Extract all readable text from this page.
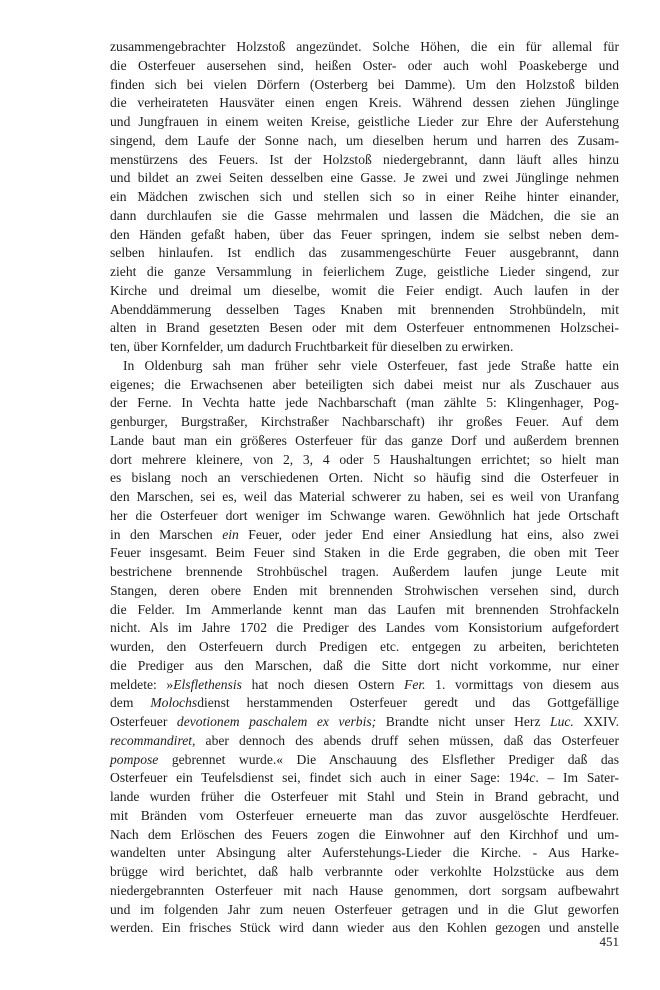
zusammengebrachter Holzstoß angezündet. Solche Höhen, die ein für allemal für
die Osterfeuer ausersehen sind, heißen Oster- oder auch wohl Poaskeberge und
finden sich bei vielen Dörfern (Osterberg bei Damme). Um den Holzstoß bilden
die verheirateten Hausväter einen engen Kreis. Während dessen ziehen Jünglinge
und Jungfrauen in einem weiten Kreise, geistliche Lieder zur Ehre der Auferstehung
singend, dem Laufe der Sonne nach, um dieselben herum und harren des Zusam-
menstürzens des Feuers. Ist der Holzstoß niedergebrannt, dann läuft alles hinzu
und bildet an zwei Seiten desselben eine Gasse. Je zwei und zwei Jünglinge nehmen
ein Mädchen zwischen sich und stellen sich so in einer Reihe hinter einander,
dann durchlaufen sie die Gasse mehrmalen und lassen die Mädchen, die sie an
den Händen gefaßt haben, über das Feuer springen, indem sie selbst neben dem-
selben hinlaufen. Ist endlich das zusammengeschürte Feuer ausgebrannt, dann
zieht die ganze Versammlung in feierlichem Zuge, geistliche Lieder singend, zur
Kirche und dreimal um dieselbe, womit die Feier endigt. Auch laufen in der
Abenddämmerung desselben Tages Knaben mit brennenden Strohbündeln, mit
alten in Brand gesetzten Besen oder mit dem Osterfeuer entnommenen Holzschei-
ten, über Kornfelder, um dadurch Fruchtbarkeit für dieselben zu erwirken.
In Oldenburg sah man früher sehr viele Osterfeuer, fast jede Straße hatte ein
eigenes; die Erwachsenen aber beteiligten sich dabei meist nur als Zuschauer aus
der Ferne. In Vechta hatte jede Nachbarschaft (man zählte 5: Klingenhager, Pog-
genburger, Burgstraßer, Kirchstraßer Nachbarschaft) ihr großes Feuer. Auf dem
Lande baut man ein größeres Osterfeuer für das ganze Dorf und außerdem brennen
dort mehrere kleinere, von 2, 3, 4 oder 5 Haushaltungen errichtet; so hielt man
es bislang noch an verschiedenen Orten. Nicht so häufig sind die Osterfeuer in
den Marschen, sei es, weil das Material schwerer zu haben, sei es weil von Uranfang
her die Osterfeuer dort weniger im Schwange waren. Gewöhnlich hat jede Ortschaft
in den Marschen ein Feuer, oder jeder End einer Ansiedlung hat eins, also zwei
Feuer insgesamt. Beim Feuer sind Staken in die Erde gegraben, die oben mit Teer
bestrichene brennende Strohbüschel tragen. Außerdem laufen junge Leute mit
Stangen, deren obere Enden mit brennenden Strohwischen versehen sind, durch
die Felder. Im Ammerlande kennt man das Laufen mit brennenden Strohfackeln
nicht. Als im Jahre 1702 die Prediger des Landes vom Konsistorium aufgefordert
wurden, den Osterfeuern durch Predigen etc. entgegen zu arbeiten, berichteten
die Prediger aus den Marschen, daß die Sitte dort nicht vorkomme, nur einer
meldete: »Elsflethensis hat noch diesen Ostern Fer. 1. vormittags von diesem aus
dem Molochsdienst herstammenden Osterfeuer geredt und das Gottgefällige
Osterfeuer devotionem paschalem ex verbis; Brandte nicht unser Herz Luc. XXIV.
recommandiret, aber dennoch des abends druff sehen müssen, daß das Osterfeuer
pompose gebrennet wurde.« Die Anschauung des Elsflether Prediger daß das
Osterfeuer ein Teufelsdienst sei, findet sich auch in einer Sage: 194c. – Im Sater-
lande wurden früher die Osterfeuer mit Stahl und Stein in Brand gebracht, und
mit Bränden vom Osterfeuer erneuerte man das zuvor ausgelöschte Herdfeuer.
Nach dem Erlöschen des Feuers zogen die Einwohner auf den Kirchhof und um-
wandelten unter Absingung alter Auferstehungs-Lieder die Kirche. - Aus Harke-
brügge wird berichtet, daß halb verbrannte oder verkohlte Holzstücke aus dem
niedergebrannten Osterfeuer mit nach Hause genommen, dort sorgsam aufbewahrt
und im folgenden Jahr zum neuen Osterfeuer getragen und in die Glut geworfen
werden. Ein frisches Stück wird dann wieder aus den Kohlen gezogen und anstelle
451
